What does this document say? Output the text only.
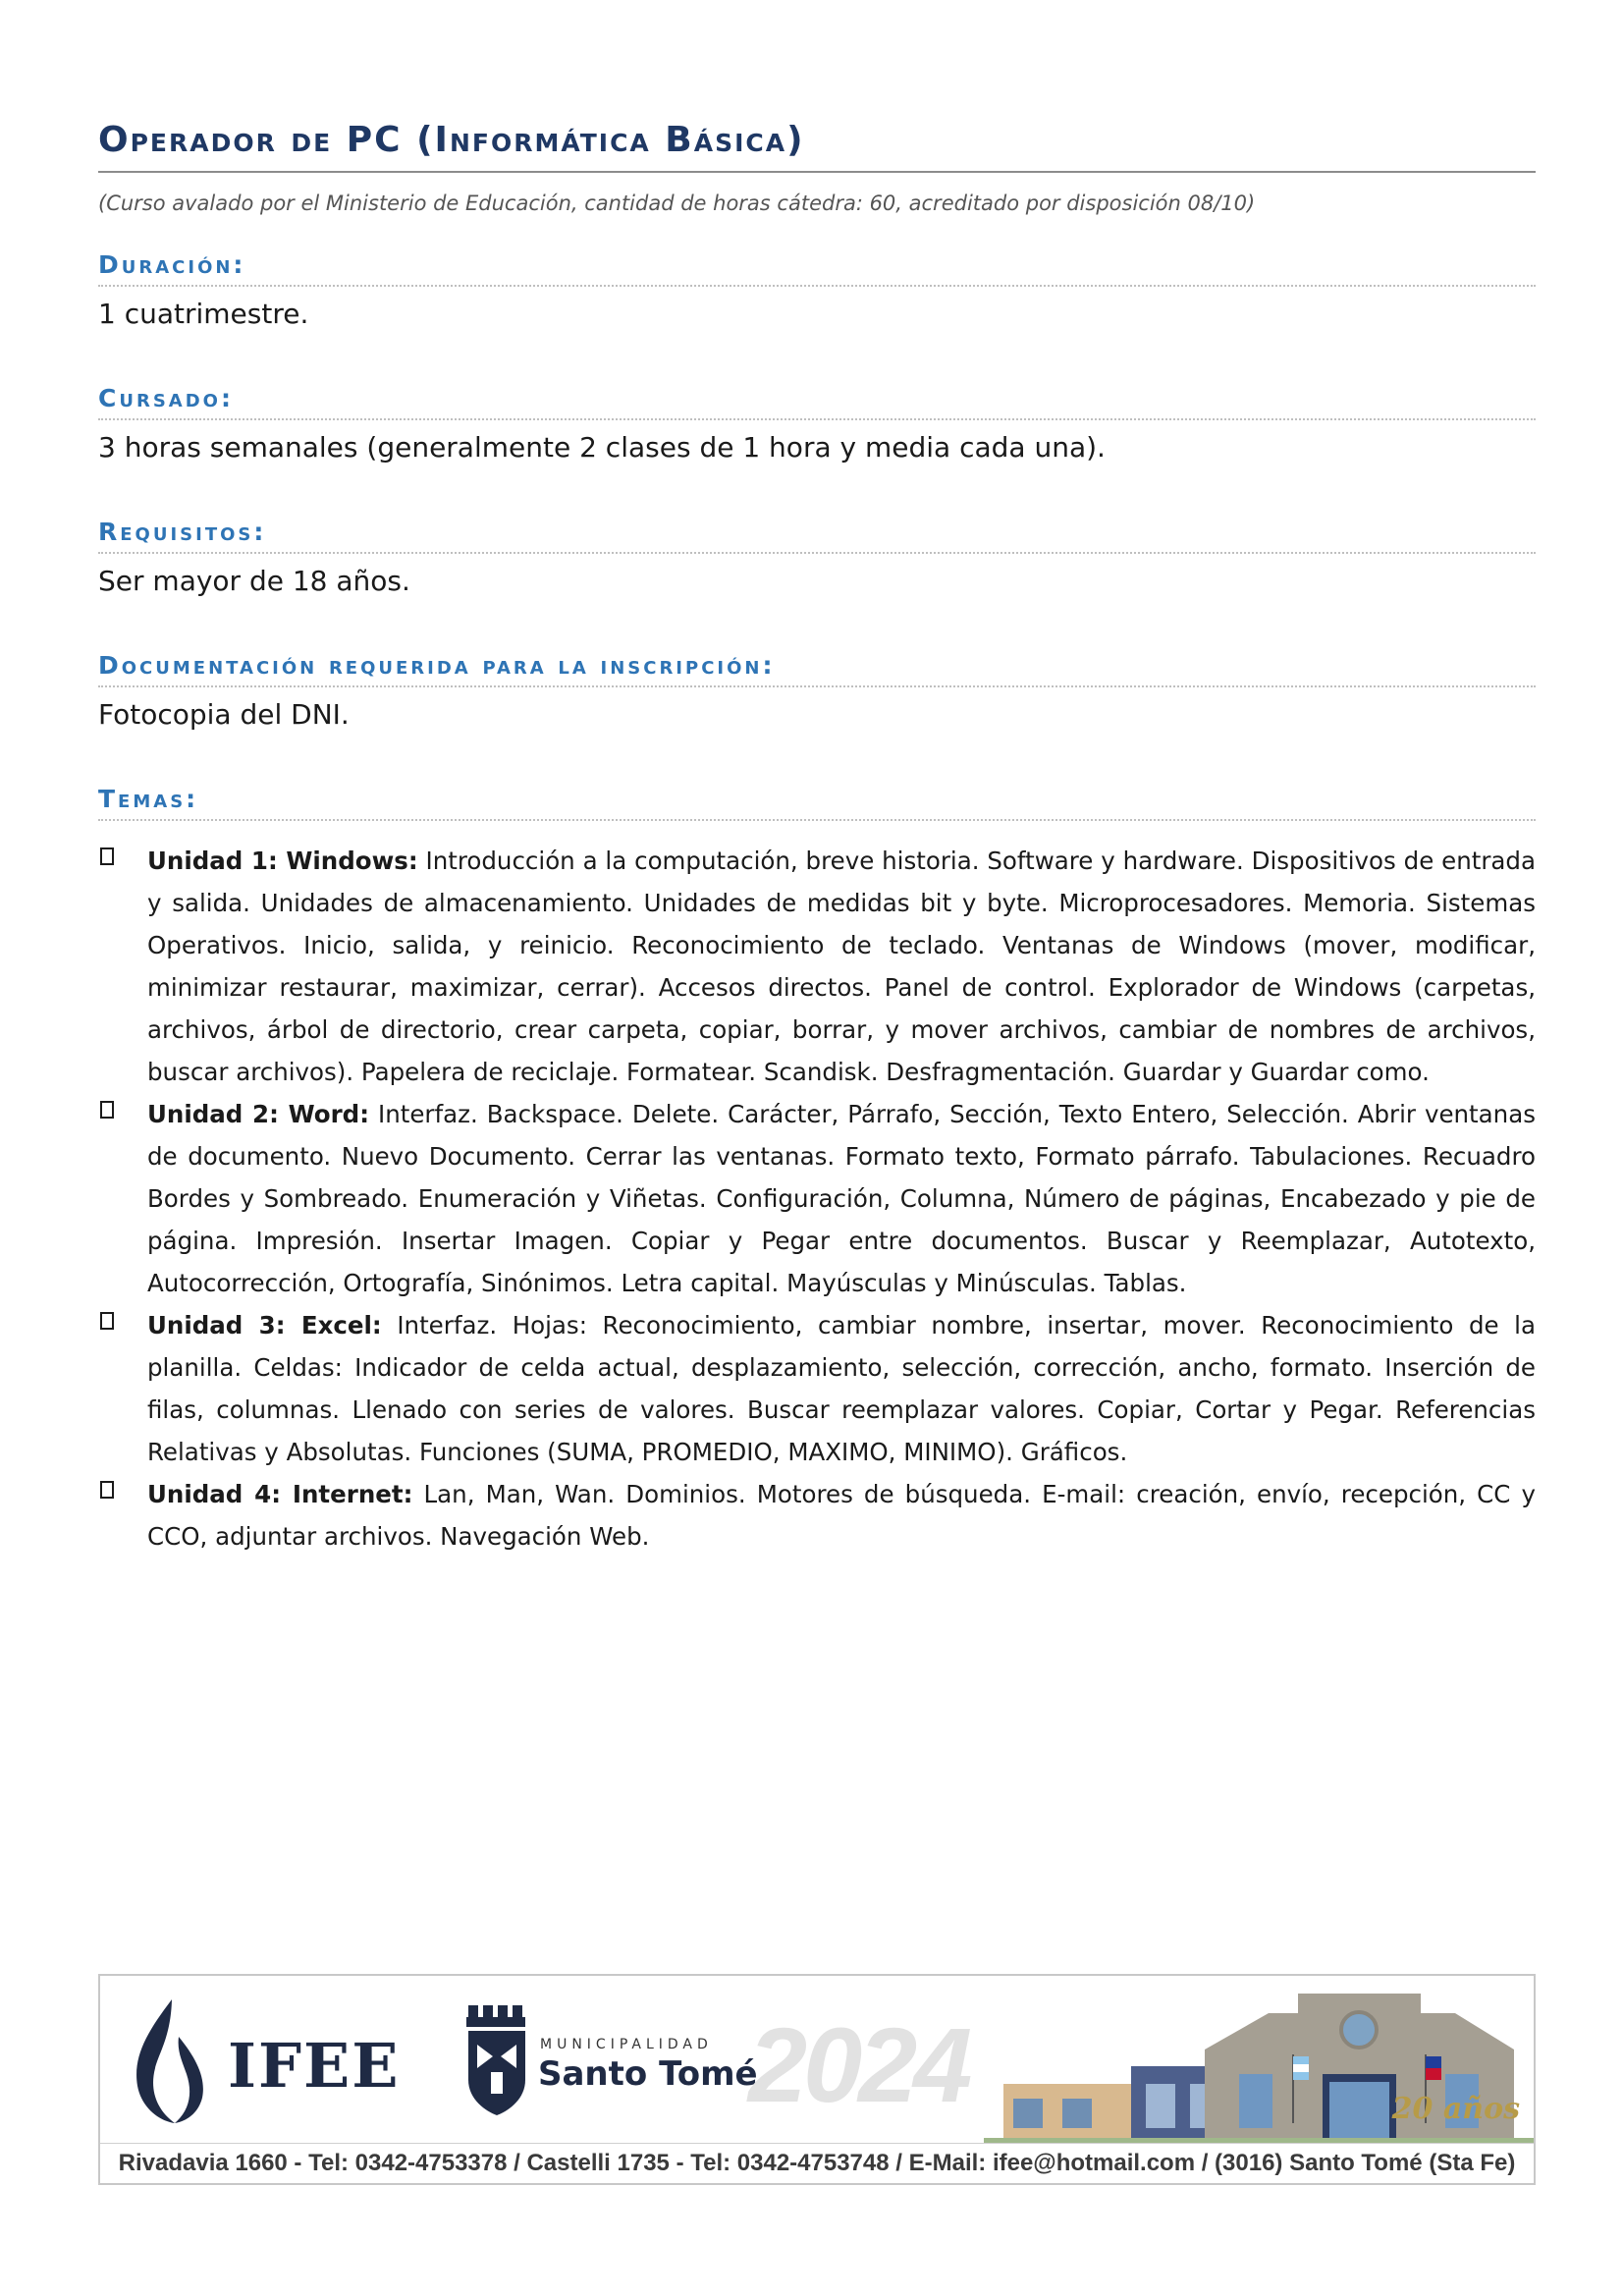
Operador de PC (Informática Básica)
(Curso avalado por el Ministerio de Educación, cantidad de horas cátedra: 60, acreditado por disposición 08/10)
Duración:
1 cuatrimestre.
Cursado:
3 horas semanales (generalmente 2 clases de 1 hora y media cada una).
Requisitos:
Ser mayor de 18 años.
Documentación requerida para la inscripción:
Fotocopia del DNI.
Temas:
Unidad 1: Windows: Introducción a la computación, breve historia. Software y hardware. Dispositivos de entrada y salida. Unidades de almacenamiento. Unidades de medidas bit y byte. Microprocesadores. Memoria. Sistemas Operativos. Inicio, salida, y reinicio. Reconocimiento de teclado. Ventanas de Windows (mover, modificar, minimizar restaurar, maximizar, cerrar). Accesos directos. Panel de control. Explorador de Windows (carpetas, archivos, árbol de directorio, crear carpeta, copiar, borrar, y mover archivos, cambiar de nombres de archivos, buscar archivos). Papelera de reciclaje. Formatear. Scandisk. Desfragmentación. Guardar y Guardar como.
Unidad 2: Word: Interfaz. Backspace. Delete. Carácter, Párrafo, Sección, Texto Entero, Selección. Abrir ventanas de documento. Nuevo Documento. Cerrar las ventanas. Formato texto, Formato párrafo. Tabulaciones. Recuadro Bordes y Sombreado. Enumeración y Viñetas. Configuración, Columna, Número de páginas, Encabezado y pie de página. Impresión. Insertar Imagen. Copiar y Pegar entre documentos. Buscar y Reemplazar, Autotexto, Autocorrección, Ortografía, Sinónimos. Letra capital. Mayúsculas y Minúsculas. Tablas.
Unidad 3: Excel: Interfaz. Hojas: Reconocimiento, cambiar nombre, insertar, mover. Reconocimiento de la planilla. Celdas: Indicador de celda actual, desplazamiento, selección, corrección, ancho, formato. Inserción de filas, columnas. Llenado con series de valores. Buscar reemplazar valores. Copiar, Cortar y Pegar. Referencias Relativas y Absolutas. Funciones (SUMA, PROMEDIO, MAXIMO, MINIMO). Gráficos.
Unidad 4: Internet: Lan, Man, Wan. Dominios. Motores de búsqueda. E-mail: creación, envío, recepción, CC y CCO, adjuntar archivos. Navegación Web.
IFEE	MUNICIPALIDAD
Santo Tomé
2024	20 años
Rivadavia 1660 - Tel: 0342-4753378 / Castelli 1735 - Tel: 0342-4753748 / E-Mail: ifee@hotmail.com / (3016) Santo Tomé (Sta Fe)
